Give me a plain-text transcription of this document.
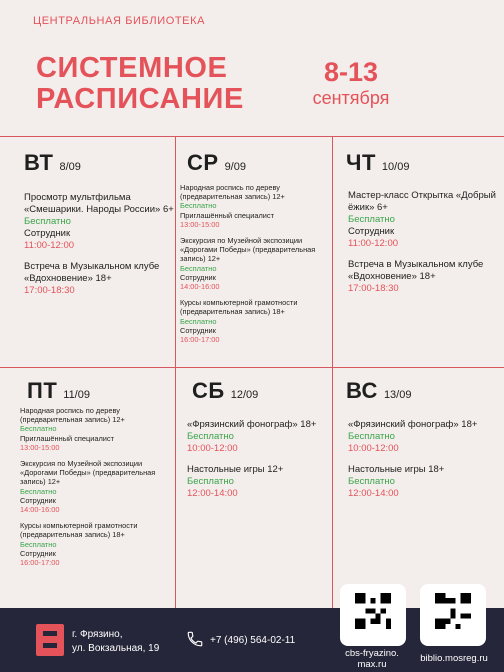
ЦЕНТРАЛЬНАЯ БИБЛИОТЕКА
СИСТЕМНОЕ
РАСПИСАНИЕ
8-13
сентября
ВТ 8/09
Просмотр мультфильма «Смешарики. Народы России» 6+
Бесплатно
Сотрудник
11:00-12:00
Встреча в Музыкальном клубе «Вдохновение» 18+
17:00-18:30
СР 9/09
Народная роспись по дереву (предварительная запись) 12+
Бесплатно
Приглашённый специалист
13:00-15:00
Экскурсия по Музейной экспозиции «Дорогами Победы» (предварительная запись) 12+
Бесплатно
Сотрудник
14:00-16:00
Курсы компьютерной грамотности (предварительная запись) 18+
Бесплатно
Сотрудник
16:00-17:00
ЧТ 10/09
Мастер-класс Открытка «Добрый ёжик» 6+
Бесплатно
Сотрудник
11:00-12:00
Встреча в Музыкальном клубе «Вдохновение» 18+
17:00-18:30
ПТ 11/09
Народная роспись по дереву (предварительная запись) 12+
Бесплатно
Приглашённый специалист
13:00-15:00
Экскурсия по Музейной экспозиции «Дорогами Победы» (предварительная запись) 12+
Бесплатно
Сотрудник
14:00-16:00
Курсы компьютерной грамотности (предварительная запись) 18+
Бесплатно
Сотрудник
16:00-17:00
СБ 12/09
«Фрязинский фонограф» 18+
Бесплатно
10:00-12:00
Настольные игры 12+
Бесплатно
12:00-14:00
ВС 13/09
«Фрязинский фонограф» 18+
Бесплатно
10:00-12:00
Настольные игры 18+
Бесплатно
12:00-14:00
г. Фрязино,
ул. Вокзальная, 19
+7 (496) 564-02-11
cbs-fryazino.
max.ru
biblio.mosreg.ru
